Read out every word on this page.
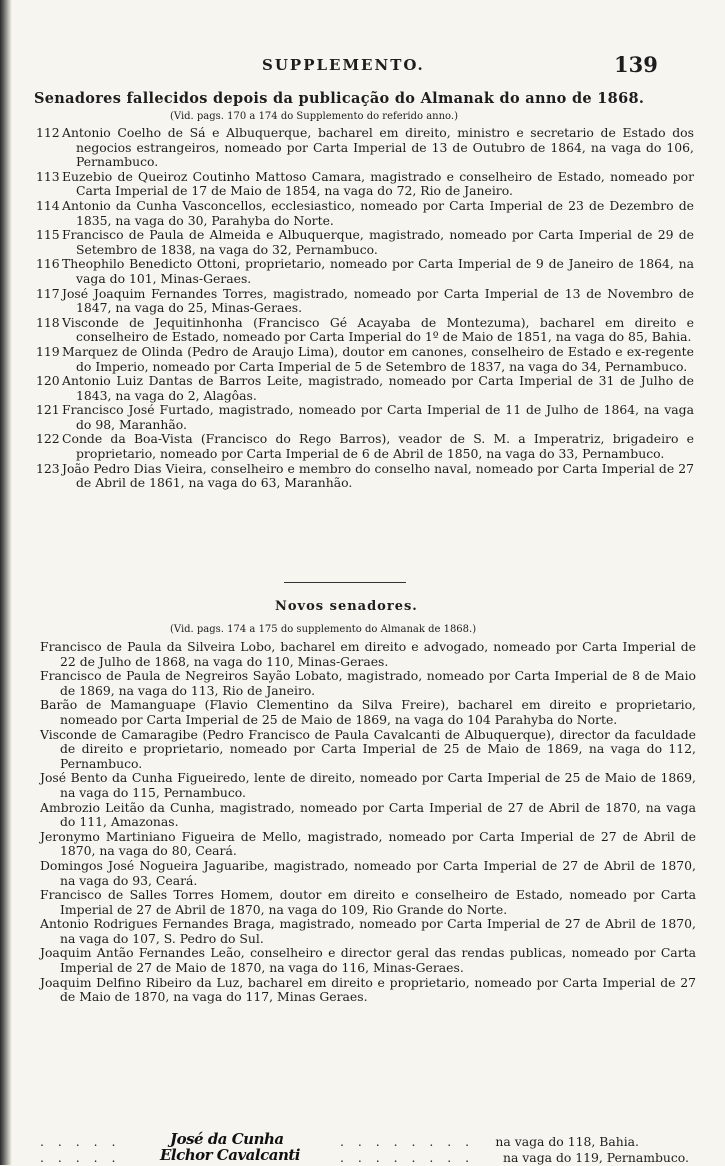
SUPPLEMENTO.	139
Senadores fallecidos depois da publicação do Almanak do anno de 1868.
(Vid. pags. 170 a 174 do Supplemento do referido anno.)

112 Antonio Coelho de Sá e Albuquerque, bacharel em direito, ministro e secretario de Estado dos negocios estrangeiros, nomeado por Carta Imperial de 13 de Outubro de 1864, na vaga do 106, Pernambuco.

113 Euzebio de Queiroz Coutinho Mattoso Camara, magistrado e conselheiro de Estado, nomeado por Carta Imperial de 17 de Maio de 1854, na vaga do 72, Rio de Janeiro.

114 Antonio da Cunha Vasconcellos, ecclesiastico, nomeado por Carta Imperial de 23 de Dezembro de 1835, na vaga do 30, Parahyba do Norte.

115 Francisco de Paula de Almeida e Albuquerque, magistrado, nomeado por Carta Imperial de 29 de Setembro de 1838, na vaga do 32, Pernambuco.

116 Theophilo Benedicto Ottoni, proprietario, nomeado por Carta Imperial de 9 de Janeiro de 1864, na vaga do 101, Minas-Geraes.

117 José Joaquim Fernandes Torres, magistrado, nomeado por Carta Imperial de 13 de Novembro de 1847, na vaga do 25, Minas-Geraes.

118 Visconde de Jequitinhonha (Francisco Gé Acayaba de Montezuma), bacharel em direito e conselheiro de Estado, nomeado por Carta Imperial do 1º de Maio de 1851, na vaga do 85, Bahia.

119 Marquez de Olinda (Pedro de Araujo Lima), doutor em canones, conselheiro de Estado e ex-regente do Imperio, nomeado por Carta Imperial de 5 de Setembro de 1837, na vaga do 34, Pernambuco.

120 Antonio Luiz Dantas de Barros Leite, magistrado, nomeado por Carta Imperial de 31 de Julho de 1843, na vaga do 2, Alagôas.

121 Francisco José Furtado, magistrado, nomeado por Carta Imperial de 11 de Julho de 1864, na vaga do 98, Maranhão.

122 Conde da Boa-Vista (Francisco do Rego Barros), veador de S. M. a Imperatriz, brigadeiro e proprietario, nomeado por Carta Imperial de 6 de Abril de 1850, na vaga do 33, Pernambuco.

123 João Pedro Dias Vieira, conselheiro e membro do conselho naval, nomeado por Carta Imperial de 27 de Abril de 1861, na vaga do 63, Maranhão.

Novos senadores.
(Vid. pags. 174 a 175 do supplemento do Almanak de 1868.)

Francisco de Paula da Silveira Lobo, bacharel em direito e advogado, nomeado por Carta Imperial de 22 de Julho de 1868, na vaga do 110, Minas-Geraes.

Francisco de Paula de Negreiros Sayão Lobato, magistrado, nomeado por Carta Imperial de 8 de Maio de 1869, na vaga do 113, Rio de Janeiro.

Barão de Mamanguape (Flavio Clementino da Silva Freire), bacharel em direito e proprietario, nomeado por Carta Imperial de 25 de Maio de 1869, na vaga do 104 Parahyba do Norte.

Visconde de Camaragibe (Pedro Francisco de Paula Cavalcanti de Albuquerque), director da faculdade de direito e proprietario, nomeado por Carta Imperial de 25 de Maio de 1869, na vaga do 112, Pernambuco.

José Bento da Cunha Figueiredo, lente de direito, nomeado por Carta Imperial de 25 de Maio de 1869, na vaga do 115, Pernambuco.

Ambrozio Leitão da Cunha, magistrado, nomeado por Carta Imperial de 27 de Abril de 1870, na vaga do 111, Amazonas.

Jeronymo Martiniano Figueira de Mello, magistrado, nomeado por Carta Imperial de 27 de Abril de 1870, na vaga do 80, Ceará.

Domingos José Nogueira Jaguaribe, magistrado, nomeado por Carta Imperial de 27 de Abril de 1870, na vaga do 93, Ceará.

Francisco de Salles Torres Homem, doutor em direito e conselheiro de Estado, nomeado por Carta Imperial de 27 de Abril de 1870, na vaga do 109, Rio Grande do Norte.

Antonio Rodrigues Fernandes Braga, magistrado, nomeado por Carta Imperial de 27 de Abril de 1870, na vaga do 107, S. Pedro do Sul.

Joaquim Antão Fernandes Leão, conselheiro e director geral das rendas publicas, nomeado por Carta Imperial de 27 de Maio de 1870, na vaga do 116, Minas-Geraes.

Joaquim Delfino Ribeiro da Luz, bacharel em direito e proprietario, nomeado por Carta Imperial de 27 de Maio de 1870, na vaga do 117, Minas Geraes.

. . . . .	José da Cunha	. . . . . . . . na vaga do 118, Bahia.
. . . . .	Elchor Cavalcanti	. . . . . . . . na vaga do 119, Pernambuco.
